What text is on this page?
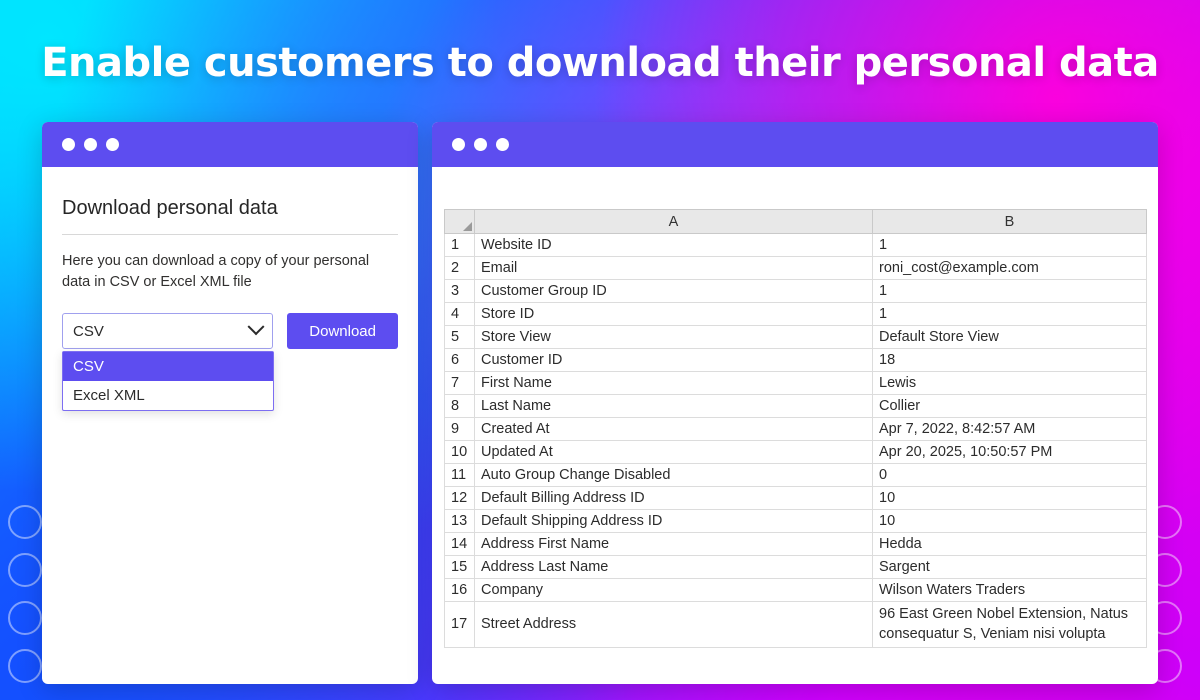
Enable customers to download their personal data
Download personal data
Here you can download a copy of your personal data in CSV or Excel XML file
CSV
CSV
Excel XML
Download
	A	B
1	Website ID	1
2	Email	roni_cost@example.com
3	Customer Group ID	1
4	Store ID	1
5	Store View	Default Store View
6	Customer ID	18
7	First Name	Lewis
8	Last Name	Collier
9	Created At	Apr 7, 2022, 8:42:57 AM
10	Updated At	Apr 20, 2025, 10:50:57 PM
11	Auto Group Change Disabled	0
12	Default Billing Address ID	10
13	Default Shipping Address ID	10
14	Address First Name	Hedda
15	Address Last Name	Sargent
16	Company	Wilson Waters Traders
17	Street Address	96 East Green Nobel Extension, Natus consequatur S, Veniam nisi volupta
